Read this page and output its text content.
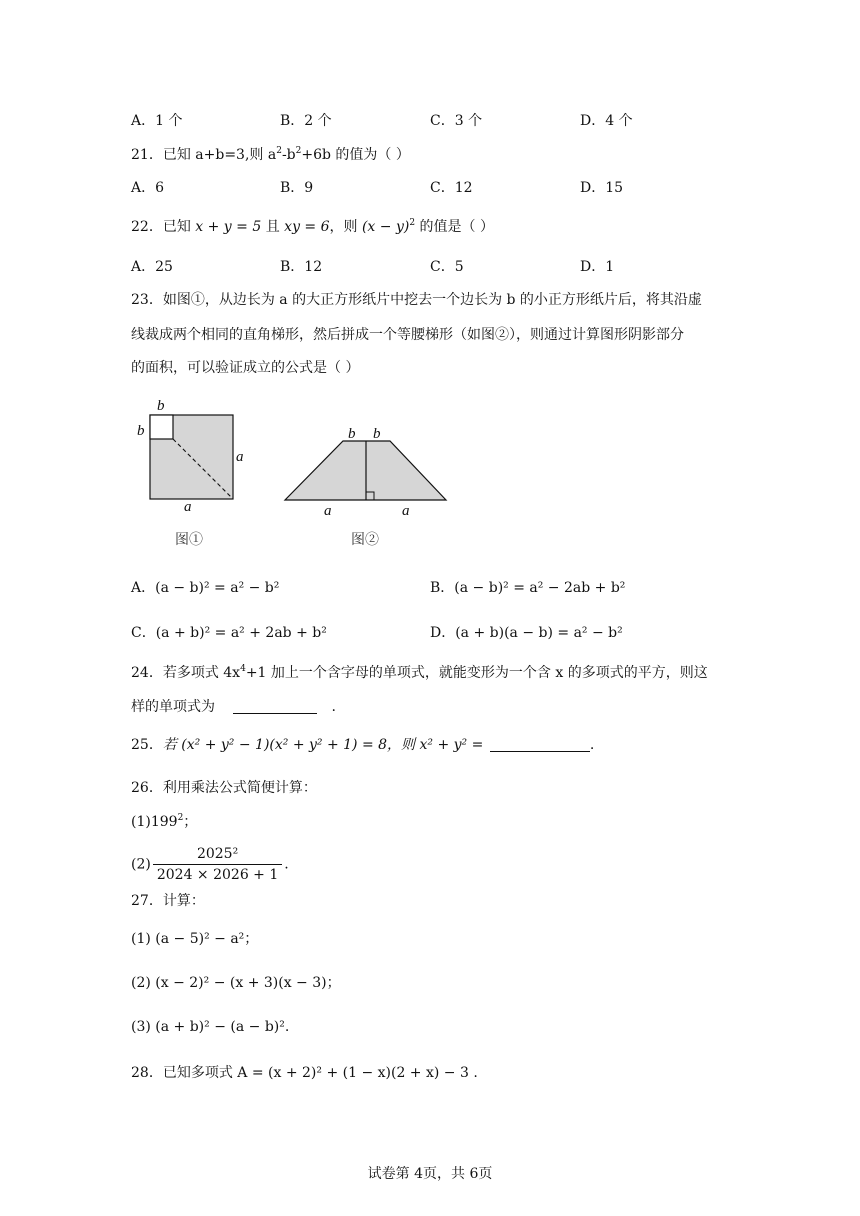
A．1 个	B．2 个	C．3 个	D．4 个
21．已知 a+b=3,则 $a^2-b^2+6b$ 的值为（ ）
A．6	B．9	C．12	D．15
22．已知 x + y = 5 且 xy = 6，则 $(x - y)^2$ 的值是（ ）
A．25	B．12	C．5	D．1
23．如图①，从边长为 a 的大正方形纸片中挖去一个边长为 b 的小正方形纸片后，将其沿虚
线裁成两个相同的直角梯形，然后拼成一个等腰梯形（如图②），则通过计算图形阴影部分
的面积，可以验证成立的公式是（ ）
b
b
a
a
b b
a	a
图①	图②
A．(a − b)² = a² − b²	B．(a − b)² = a² − 2ab + b²
C．(a + b)² = a² + 2ab + b²	D．(a + b)(a − b) = a² − b²
24．若多项式 $4x^4+1$ 加上一个含字母的单项式，就能变形为一个含 x 的多项式的平方，则这
样的单项式为	.
25．若 (x² + y² − 1)(x² + y² + 1) = 8，则 x² + y² =	.
26．利用乘法公式简便计算：
$(1)199^2$；
$(2) \frac{\text{2025²}}{2024 \times 2026 + 1}$ .
27．计算：
(1) (a − 5)² − a²；
(2) (x − 2)² − (x + 3)(x − 3)；
(3) (a + b)² − (a − b)².
28．已知多项式 A = (x + 2)² + (1 − x)(2 + x) − 3 .
试卷第 4页，共 6页
